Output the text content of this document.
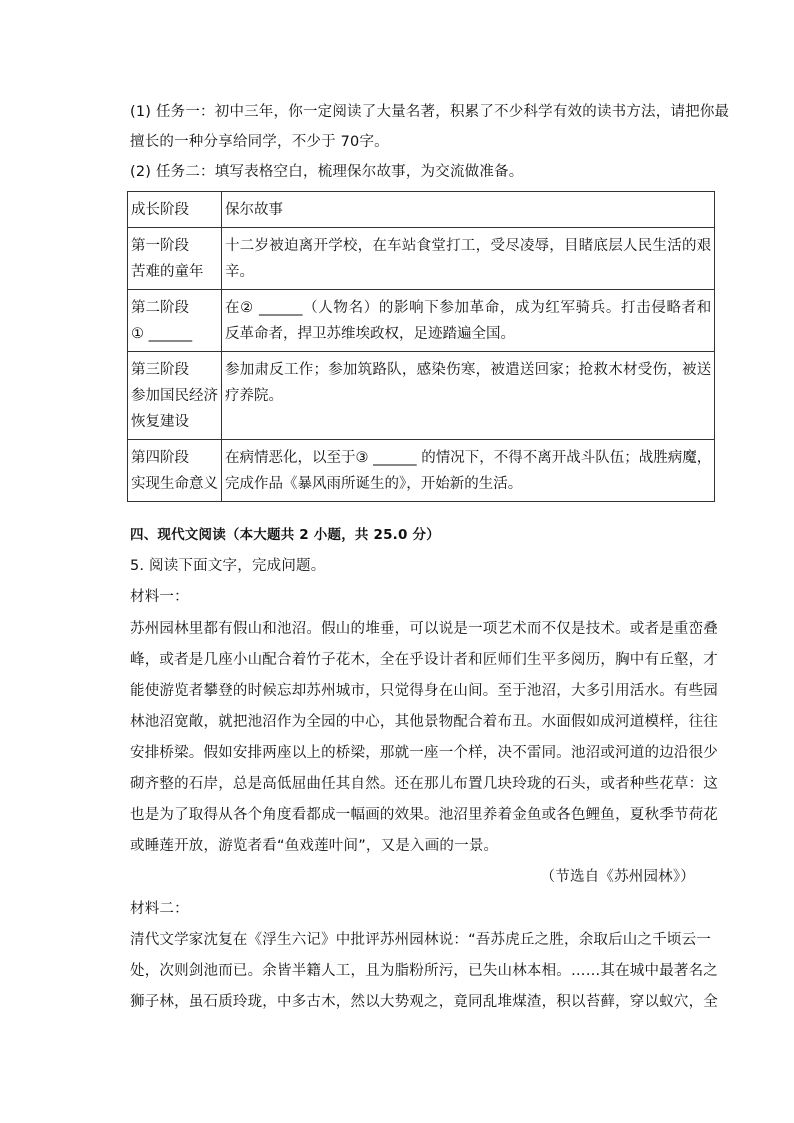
(1) 任务一：初中三年，你一定阅读了大量名著，积累了不少科学有效的读书方法，请把你最
擅长的一种分享给同学，不少于 70字。
(2) 任务二：填写表格空白，梳理保尔故事，为交流做准备。
成长阶段	保尔故事

第一阶段
苦难的童年	十二岁被迫离开学校，在车站食堂打工，受尽凌辱，目睹底层人民生活的艰
辛。

第二阶段
① ______	在② ______（人物名）的影响下参加革命，成为红军骑兵。打击侵略者和
反革命者，捍卫苏维埃政权，足迹踏遍全国。

第三阶段
参加国民经济
恢复建设	参加肃反工作；参加筑路队，感染伤寒，被遣送回家；抢救木材受伤，被送
疗养院。

第四阶段
实现生命意义	在病情恶化，以至于③ ______ 的情况下，不得不离开战斗队伍；战胜病魔，
完成作品《暴风雨所诞生的》，开始新的生活。
四、现代文阅读（本大题共 2 小题，共 25.0 分）
5. 阅读下面文字，完成问题。
材料一：
苏州园林里都有假山和池沼。假山的堆垂，可以说是一项艺术而不仅是技术。或者是重峦叠
峰，或者是几座小山配合着竹子花木，全在乎设计者和匠师们生平多阅历，胸中有丘壑，才
能使游览者攀登的时候忘却苏州城市，只觉得身在山间。至于池沼，大多引用活水。有些园
林池沼宽敞，就把池沼作为全园的中心，其他景物配合着布丑。水面假如成河道模样，往往
安排桥梁。假如安排两座以上的桥梁，那就一座一个样，决不雷同。池沼或河道的边沿很少
砌齐整的石岸，总是高低屈曲任其自然。还在那儿布置几块玲珑的石头，或者种些花草：这
也是为了取得从各个角度看都成一幅画的效果。池沼里养着金鱼或各色鲤鱼，夏秋季节荷花
或睡莲开放，游览者看“鱼戏莲叶间”，又是入画的一景。
（节选自《苏州园林》）
材料二：
清代文学家沈复在《浮生六记》中批评苏州园林说：“吾苏虎丘之胜，余取后山之千顷云一
处，次则剑池而已。余皆半籍人工，且为脂粉所污，已失山林本相。……其在城中最著名之
狮子林，虽石质玲珑，中多古木，然以大势观之，竟同乱堆煤渣，积以苔藓，穿以蚁穴，全
